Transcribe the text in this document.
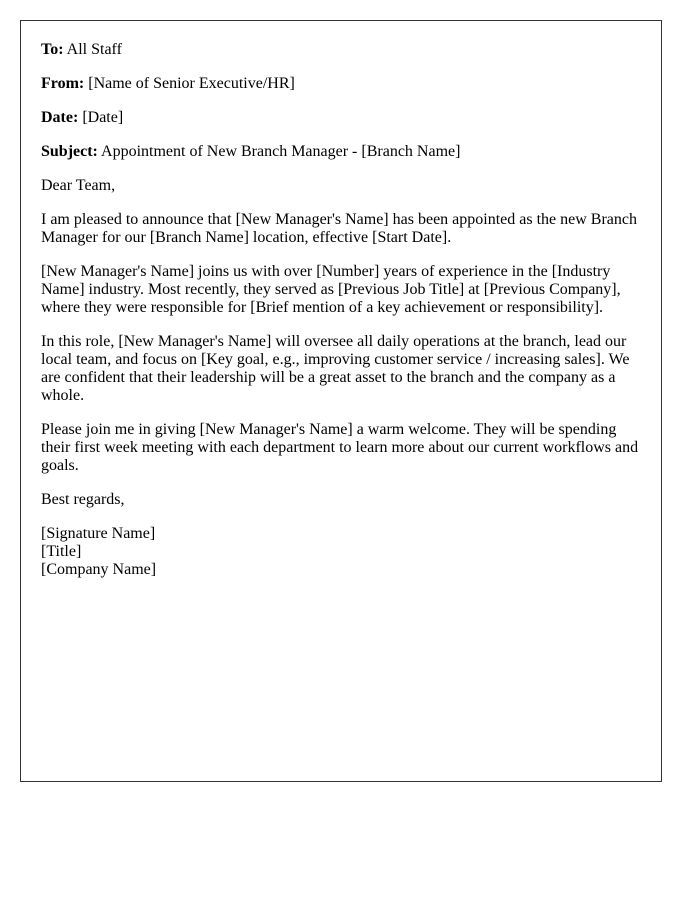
To: All Staff

From: [Name of Senior Executive/HR]

Date: [Date]

Subject: Appointment of New Branch Manager - [Branch Name]

Dear Team,

I am pleased to announce that [New Manager's Name] has been appointed as the new Branch Manager for our [Branch Name] location, effective [Start Date].

[New Manager's Name] joins us with over [Number] years of experience in the [Industry Name] industry. Most recently, they served as [Previous Job Title] at [Previous Company], where they were responsible for [Brief mention of a key achievement or responsibility].

In this role, [New Manager's Name] will oversee all daily operations at the branch, lead our local team, and focus on [Key goal, e.g., improving customer service / increasing sales]. We are confident that their leadership will be a great asset to the branch and the company as a whole.

Please join me in giving [New Manager's Name] a warm welcome. They will be spending their first week meeting with each department to learn more about our current workflows and goals.

Best regards,

[Signature Name]

[Title]

[Company Name]
